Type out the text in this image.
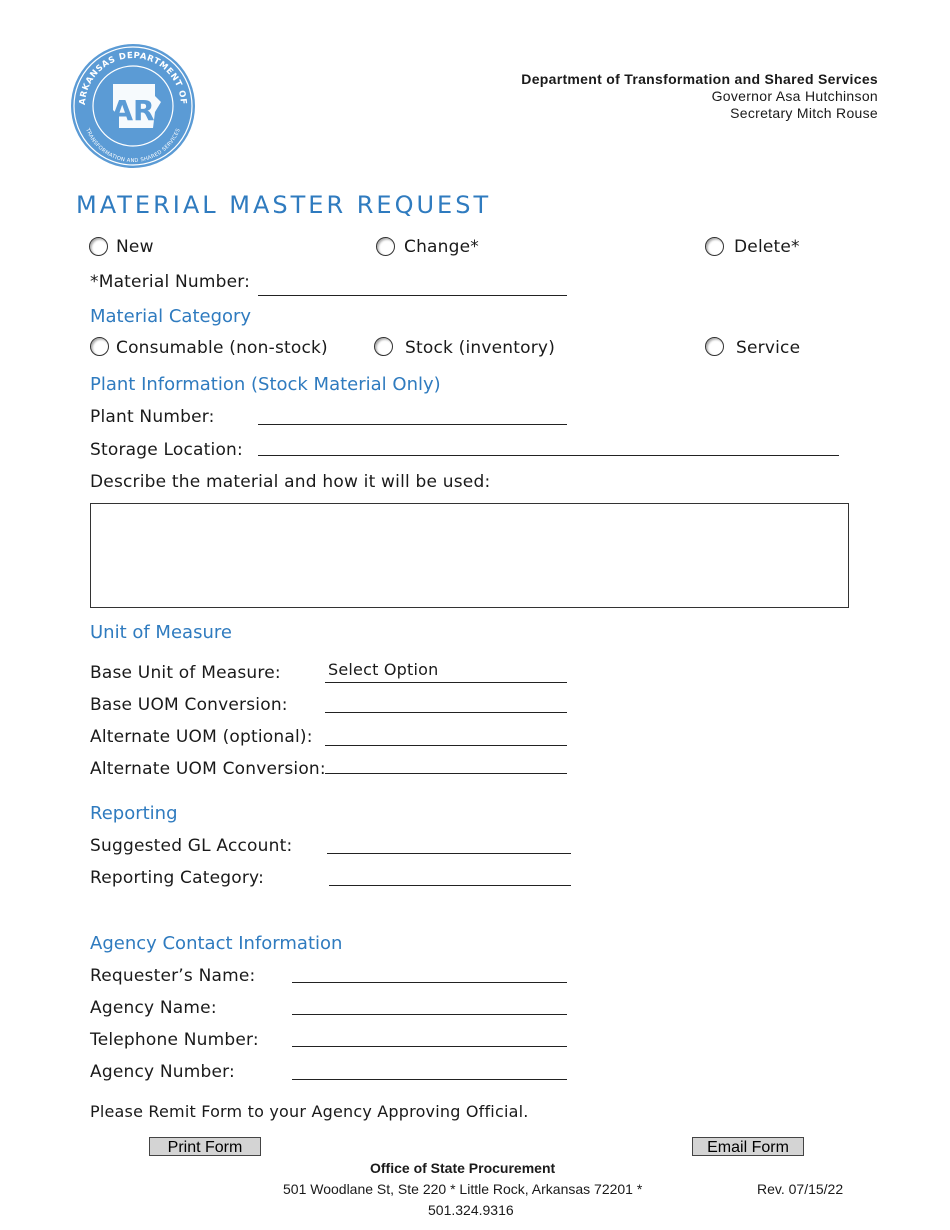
ARKANSAS DEPARTMENT OF
TRANSFORMATION AND SHARED SERVICES
AR
Department of Transformation and Shared Services
Governor Asa Hutchinson
Secretary Mitch Rouse
MATERIAL MASTER REQUEST
New	Change*	Delete*
*Material Number:
Material Category
Consumable (non-stock)	Stock (inventory)	Service
Plant Information (Stock Material Only)
Plant Number:
Storage Location:
Describe the material and how it will be used:
Unit of Measure
Base Unit of Measure:	Select Option
Base UOM Conversion:
Alternate UOM (optional):
Alternate UOM Conversion:
Reporting
Suggested GL Account:
Reporting Category:
Agency Contact Information
Requester’s Name:
Agency Name:
Telephone Number:
Agency Number:
Please Remit Form to your Agency Approving Official.
Print Form	Email Form
Office of State Procurement
501 Woodlane St, Ste 220 * Little Rock, Arkansas 72201 *	Rev. 07/15/22
501.324.9316
